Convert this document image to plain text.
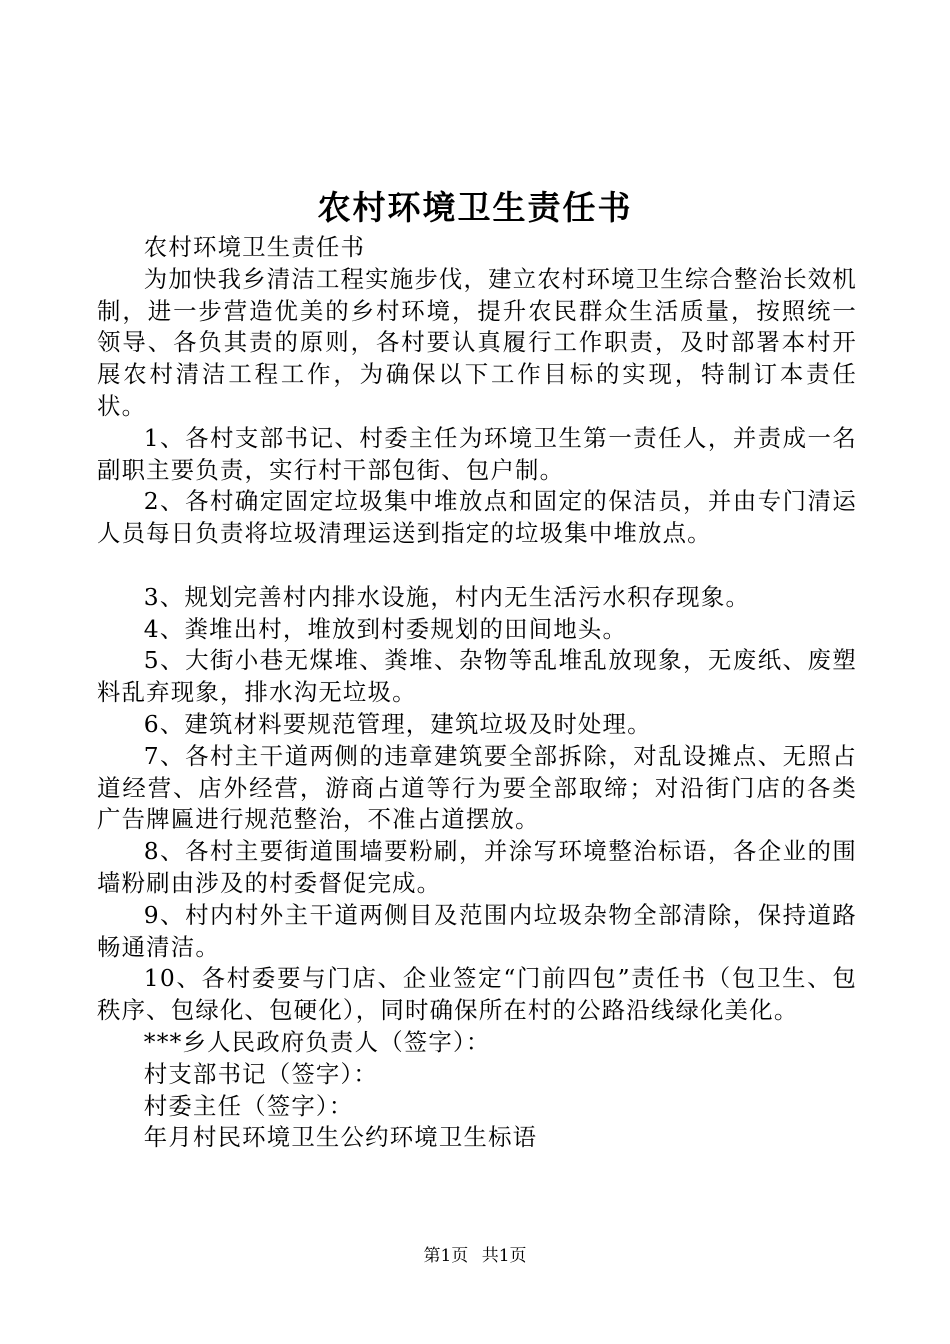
农村环境卫生责任书

农村环境卫生责任书

为加快我乡清洁工程实施步伐，建立农村环境卫生综合整治长效机制，进一步营造优美的乡村环境，提升农民群众生活质量，按照统一领导、各负其责的原则，各村要认真履行工作职责，及时部署本村开展农村清洁工程工作，为确保以下工作目标的实现，特制订本责任状。

1、各村支部书记、村委主任为环境卫生第一责任人，并责成一名副职主要负责，实行村干部包街、包户制。

2、各村确定固定垃圾集中堆放点和固定的保洁员，并由专门清运人员每日负责将垃圾清理运送到指定的垃圾集中堆放点。

3、规划完善村内排水设施，村内无生活污水积存现象。

4、粪堆出村，堆放到村委规划的田间地头。

5、大街小巷无煤堆、粪堆、杂物等乱堆乱放现象，无废纸、废塑料乱弃现象，排水沟无垃圾。

6、建筑材料要规范管理，建筑垃圾及时处理。

7、各村主干道两侧的违章建筑要全部拆除，对乱设摊点、无照占道经营、店外经营，游商占道等行为要全部取缔；对沿街门店的各类广告牌匾进行规范整治，不准占道摆放。

8、各村主要街道围墙要粉刷，并涂写环境整治标语，各企业的围墙粉刷由涉及的村委督促完成。

9、村内村外主干道两侧目及范围内垃圾杂物全部清除，保持道路畅通清洁。

10、各村委要与门店、企业签定“门前四包”责任书（包卫生、包秩序、包绿化、包硬化），同时确保所在村的公路沿线绿化美化。

***乡人民政府负责人（签字）：

村支部书记（签字）：

村委主任（签字）：

年月村民环境卫生公约环境卫生标语

第1页 共1页
